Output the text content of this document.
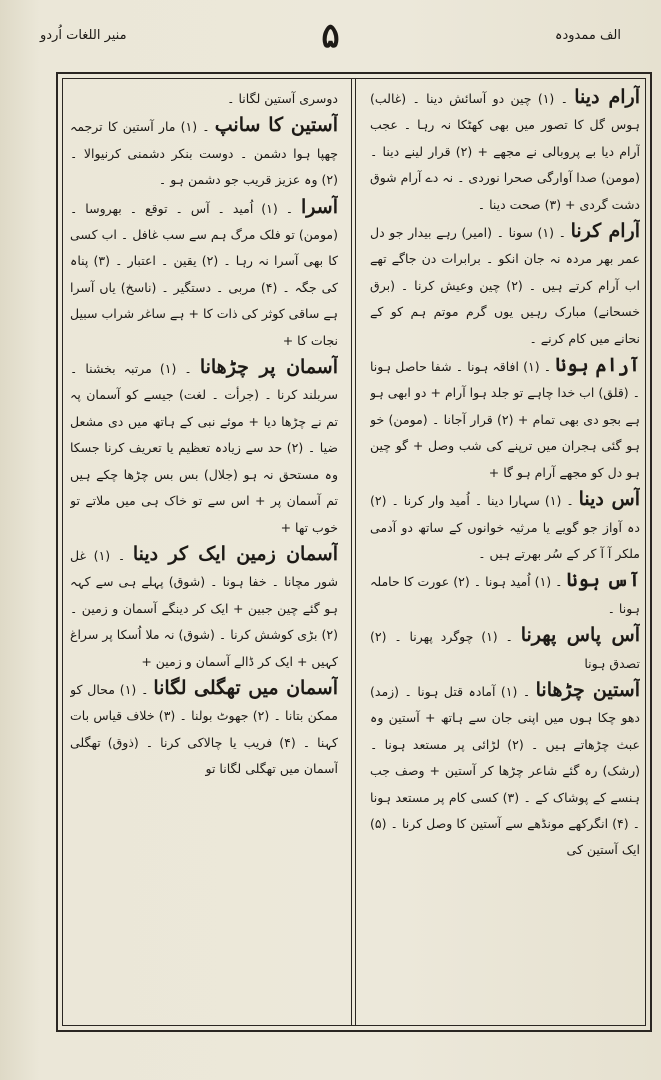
الف ممدودہ
۵
منیر اللغات اُردو

آرام دینا ۔ (۱) چین دو آسائش دینا ۔ (غالب) ہوس گل کا تصور میں بھی کھٹکا نہ رہا ۔ عجب آرام دیا بے پروبالی نے مجھے + (۲) قرار لینے دینا ۔ (مومن) صدا آوارگی صحرا نوردی ۔ نہ دے آرام شوق دشت گردی + (۳) صحت دینا ۔

آرام کرنا ۔ (۱) سونا ۔ (امیر) رہے بیدار جو دل عمر بھر مردہ نہ جان انکو ۔ برابرات دن جاگے تھے اب آرام کرتے ہیں ۔ (۲) چین وعیش کرنا ۔ (برق خسحانے) مبارک رہیں یوں گرم موتم ہم کو کے نحانے میں کام کرنے ۔

آرام ہونا ۔ (۱) افاقہ ہونا ۔ شفا حاصل ہونا ۔ (قلق) اب خدا چاہے تو جلد ہوا آرام + دو ابھی ہو ہے بجو دی بھی تمام + (۲) قرار آجانا ۔ (مومن) خو ہو گئی ہجران میں ترپنے کی شب وصل + گو چین ہو دل کو مجھے آرام ہو گا +

آس دینا ۔ (۱) سہارا دینا ۔ اُمید وار کرنا ۔ (۲) دہ آواز جو گویے یا مرثیہ خوانوں کے ساتھ دو آدمی ملکر آ آ کر کے سُر بھرتے ہیں ۔

آس ہونا ۔ (۱) اُمید ہونا ۔ (۲) عورت کا حاملہ ہونا ۔

آس پاس پھرنا ۔ (۱) چوگرد پھرنا ۔ (۲) تصدق ہونا

آستین چڑھانا ۔ (۱) آمادہ قتل ہونا ۔ (زمد) دھو چکا ہوں میں اپنی جان سے ہاتھ + آستین وہ عبث چڑھاتے ہیں ۔ (۲) لڑائی پر مستعد ہونا ۔ (رشک) رہ گئے شاعر چڑھا کر آستین + وصف جب ہنسے کے پوشاک کے ۔ (۳) کسی کام پر مستعد ہونا ۔ (۴) انگرکھے مونڈھے سے آستین کا وصل کرنا ۔ (۵) ایک آستین کی

دوسری آستین لگانا ۔

آستین کا سانپ ۔ (۱) مار آستین کا ترجمہ چھپا ہوا دشمن ۔ دوست بنکر دشمنی کرنیوالا ۔ (۲) وہ عزیز قریب جو دشمن ہو ۔

آسرا ۔ (۱) اُمید ۔ آس ۔ توقع ۔ بھروسا ۔ (مومن) تو فلک مرگ ہم سے سب غافل ۔ اب کسی کا بھی آسرا نہ رہا ۔ (۲) یقین ۔ اعتبار ۔ (۳) پناہ کی جگہ ۔ (۴) مربی ۔ دستگیر ۔ (ناسخ) یاں آسرا ہے ساقی کوثر کی ذات کا + ہے ساغر شراب سبیل نجات کا +

آسمان پر چڑھانا ۔ (۱) مرتبہ بخشنا ۔ سربلند کرنا ۔ (جرأت ۔ لغت) جیسے کو آسمان پہ تم نے چڑھا دیا + موئے نبی کے ہاتھ میں دی مشعل ضیا ۔ (۲) حد سے زیادہ تعظیم یا تعریف کرنا جسکا وہ مستحق نہ ہو (جلال) بس بس چڑھا چکے ہیں تم آسمان پر + اس سے تو خاک ہی میں ملاتے تو خوب تھا +

آسمان زمین ایک کر دینا ۔ (۱) غل شور مچانا ۔ خفا ہونا ۔ (شوق) پہلے ہی سے کہہ ہو گئے چین جبین + ایک کر دینگے آسمان و زمین ۔ (۲) بڑی کوشش کرنا ۔ (شوق) نہ ملا اُسکا پر سراغ کہیں + ایک کر ڈالے آسمان و زمین +

آسمان میں تھگلی لگانا ۔ (۱) محال کو ممکن بتانا ۔ (۲) جھوٹ بولنا ۔ (۳) خلاف قیاس بات کہنا ۔ (۴) فریب یا چالاکی کرنا ۔ (ذوق) تھگلی آسمان میں تھگلی لگانا تو
